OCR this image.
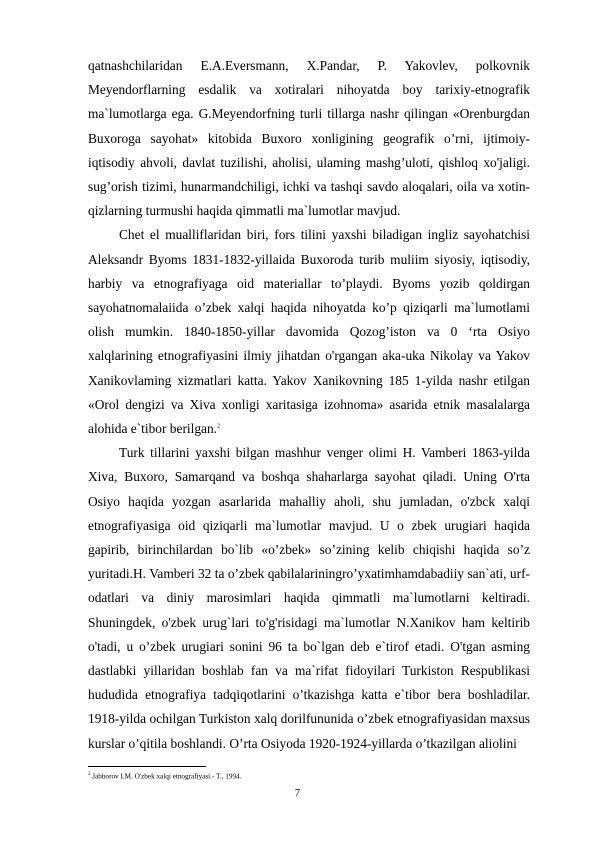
qatnashchilaridan E.A.Eversmann, X.Pandar, P. Yakovlev, polkovnik Meyendorflarning esdalik va xotiralari nihoyatda boy tarixiy-etnografik ma`lumotlarga ega. G.Meyendorfning turli tillarga nashr qilingan «Orenburgdan Buxoroga sayohat» kitobida Buxoro xonligining geografik o’rni, ijtimoiy-iqtisodiy ahvoli, davlat tuzilishi, aholisi, ulaming mashg’uloti, qishloq xo'jaligi. sug’orish tizimi, hunarmandchiligi, ichki va tashqi savdo aloqalari, oila va xotin-qizlarning turmushi haqida qimmatli ma`lumotlar mavjud.

Chet el mualliflaridan biri, fors tilini yaxshi biladigan ingliz sayohatchisi Aleksandr Byoms 1831-1832-yillaida Buxoroda turib muliim siyosiy, iqtisodiy, harbiy va etnografiyaga oid materiallar to’playdi. Byoms yozib qoldirgan sayohatnomalaiida o’zbek xalqi haqida nihoyatda ko’p qiziqarli ma`lumotlami olish mumkin. 1840-1850-yillar davomida Qozog’iston va 0 ‘rta Osiyo xalqlarining etnografiyasini ilmiy jihatdan o'rgangan aka-uka Nikolay va Yakov Xanikovlaming xizmatlari katta. Yakov Xanikovning 185 1-yilda nashr etilgan «Orol dengizi va Xiva xonligi xaritasiga izohnoma» asarida etnik masalalarga alohida e`tibor berilgan.$^2$

Turk tillarini yaxshi bilgan mashhur venger olimi H. Vamberi 1863-yilda Xiva, Buxoro, Samarqand va boshqa shaharlarga sayohat qiladi. Uning O'rta Osiyo haqida yozgan asarlarida mahalliy aholi, shu jumladan, o'zbck xalqi etnografiyasiga oid qiziqarli ma`lumotlar mavjud. U o zbek urugiari haqida gapirib, birinchilardan bo`lib «o’zbek» so’zining kelib chiqishi haqida so’z yuritadi.H. Vamberi 32 ta o’zbek qabilalariningro’yxatimhamdabadiiy san`ati, urf-odatlari va diniy marosimlari haqida qimmatli ma`lumotlarni keltiradi. Shuningdek, o'zbek urug`lari to'g'risidagi ma`lumotlar N.Xanikov ham keltirib o'tadi, u o’zbek urugiari sonini 96 ta bo`lgan deb e`tirof etadi. O'tgan asming dastlabki yillaridan boshlab fan va ma`rifat fidoyilari Turkiston Respublikasi hududida etnografiya tadqiqotlarini o’tkazishga katta e`tibor bera boshladilar. 1918-yilda ochilgan Turkiston xalq dorilfununida o’zbek etnografiyasidan maxsus kurslar o’qitila boshlandi. O’rta Osiyoda 1920-1924-yillarda o’tkazilgan aliolini

$^2$ Jabborov I.M. O'zbek xalqi etnografiyasi.- T., 1994.
7
